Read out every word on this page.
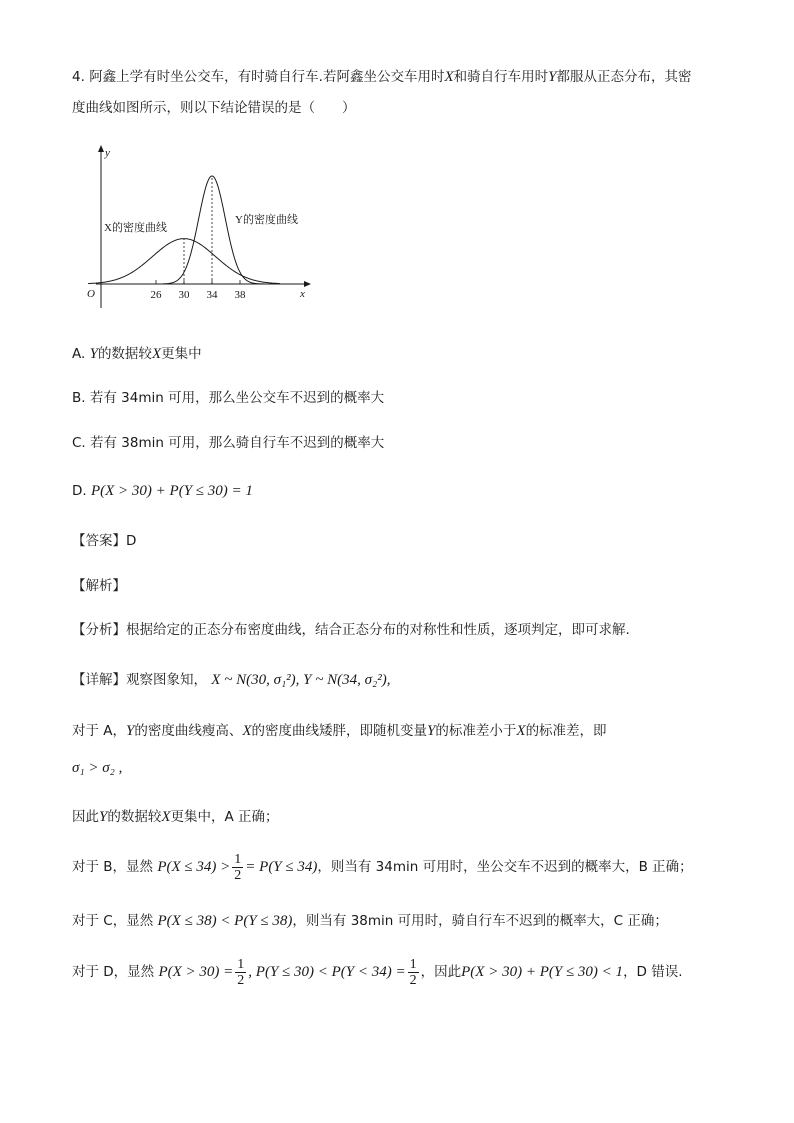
4. 阿鑫上学有时坐公交车，有时骑自行车.若阿鑫坐公交车用时X和骑自行车用时Y都服从正态分布，其密
度曲线如图所示，则以下结论错误的是（　　）
y
x
O	26 30 34 38
X的密度曲线
Y的密度曲线
A. Y的数据较X更集中
B. 若有 34min 可用，那么坐公交车不迟到的概率大
C. 若有 38min 可用，那么骑自行车不迟到的概率大
D. P(X > 30) + P(Y ≤ 30) = 1
【答案】D
【解析】
【分析】根据给定的正态分布密度曲线，结合正态分布的对称性和性质，逐项判定，即可求解.
【详解】观察图象知， X ~ N(30, σ₁²), Y ~ N(34, σ₂²),
对于 A，Y的密度曲线瘦高、X的密度曲线矮胖，即随机变量Y的标准差小于X的标准差，即
σ₁ > σ₂ ,
因此Y的数据较X更集中，A 正确；
对于 B，显然 $P(X \le 34) > \frac{1}{2} = P(Y \le 34)$，则当有 34min 可用时，坐公交车不迟到的概率大，B 正确；
对于 C，显然 P(X ≤ 38) < P(Y ≤ 38)，则当有 38min 可用时，骑自行车不迟到的概率大，C 正确；
对于 D，显然 $P(X > 30) = \frac{1}{2}$ , $P(Y \le 30) < P(Y < 34) = \frac{1}{2}$ ，因此P(X > 30) + P(Y ≤ 30) < 1，D 错误.
